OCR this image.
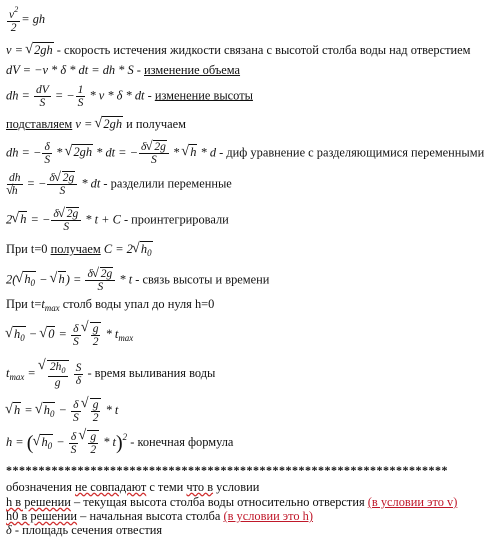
$\frac{v^2}{2}$ = gh
v = √ 2gh - скорость истечения жидкости связана с высотой столба воды над отверстием
dV = −v * δ * dt = dh * S - изменение объема
dh = $\frac{dV}{S}$ = − $\frac{1}{S}$ * v * δ * dt - изменение высоты
подставляем v = √ 2gh и получаем
dh = − $\frac{\delta}{S}$ * √ 2gh * dt = − $\frac{\delta √ 2g}{S}$ * √ h * d - диф уравнение с разделяющимися переменными
dh
√ h = − $\frac{\delta √ 2g}{S}$ * dt - разделили переменные
2 √ h = − $\frac{\delta √ 2g}{S} * t + C$ - проинтегрировали
При t=0 получаем C = 2 √ $h_0$
2( √ $h_0$ − √ $h) = \frac{\delta √ 2g}{S} * t$ - связь высоты и времени
При $t=t_{max}$ столб воды упал до нуля h=0
√ $h_0$ − √ $0 = \frac{\delta}{S}$ √ $\frac{g}{2} * t_{max}$
$t_{max}$ = √ $\frac{2h_0}{g}$
$\frac{S}{\delta}$ - время выливания воды
√ h = √ $h_0 - \frac{\delta}{S}$ √ $\frac{g}{2}$ * t
h = ( √ $h_0 - \frac{\delta}{S}$ √ $\frac{g}{2} * t)^2$ - конечная формула
********************************************************************
обозначения не совпадают с теми что в условии
h в решении – текущая высота столба воды относительно отверстия (в условии это v)
h0 в решении – начальная высота столба (в условии это h)
δ - площадь сечения отвестия
